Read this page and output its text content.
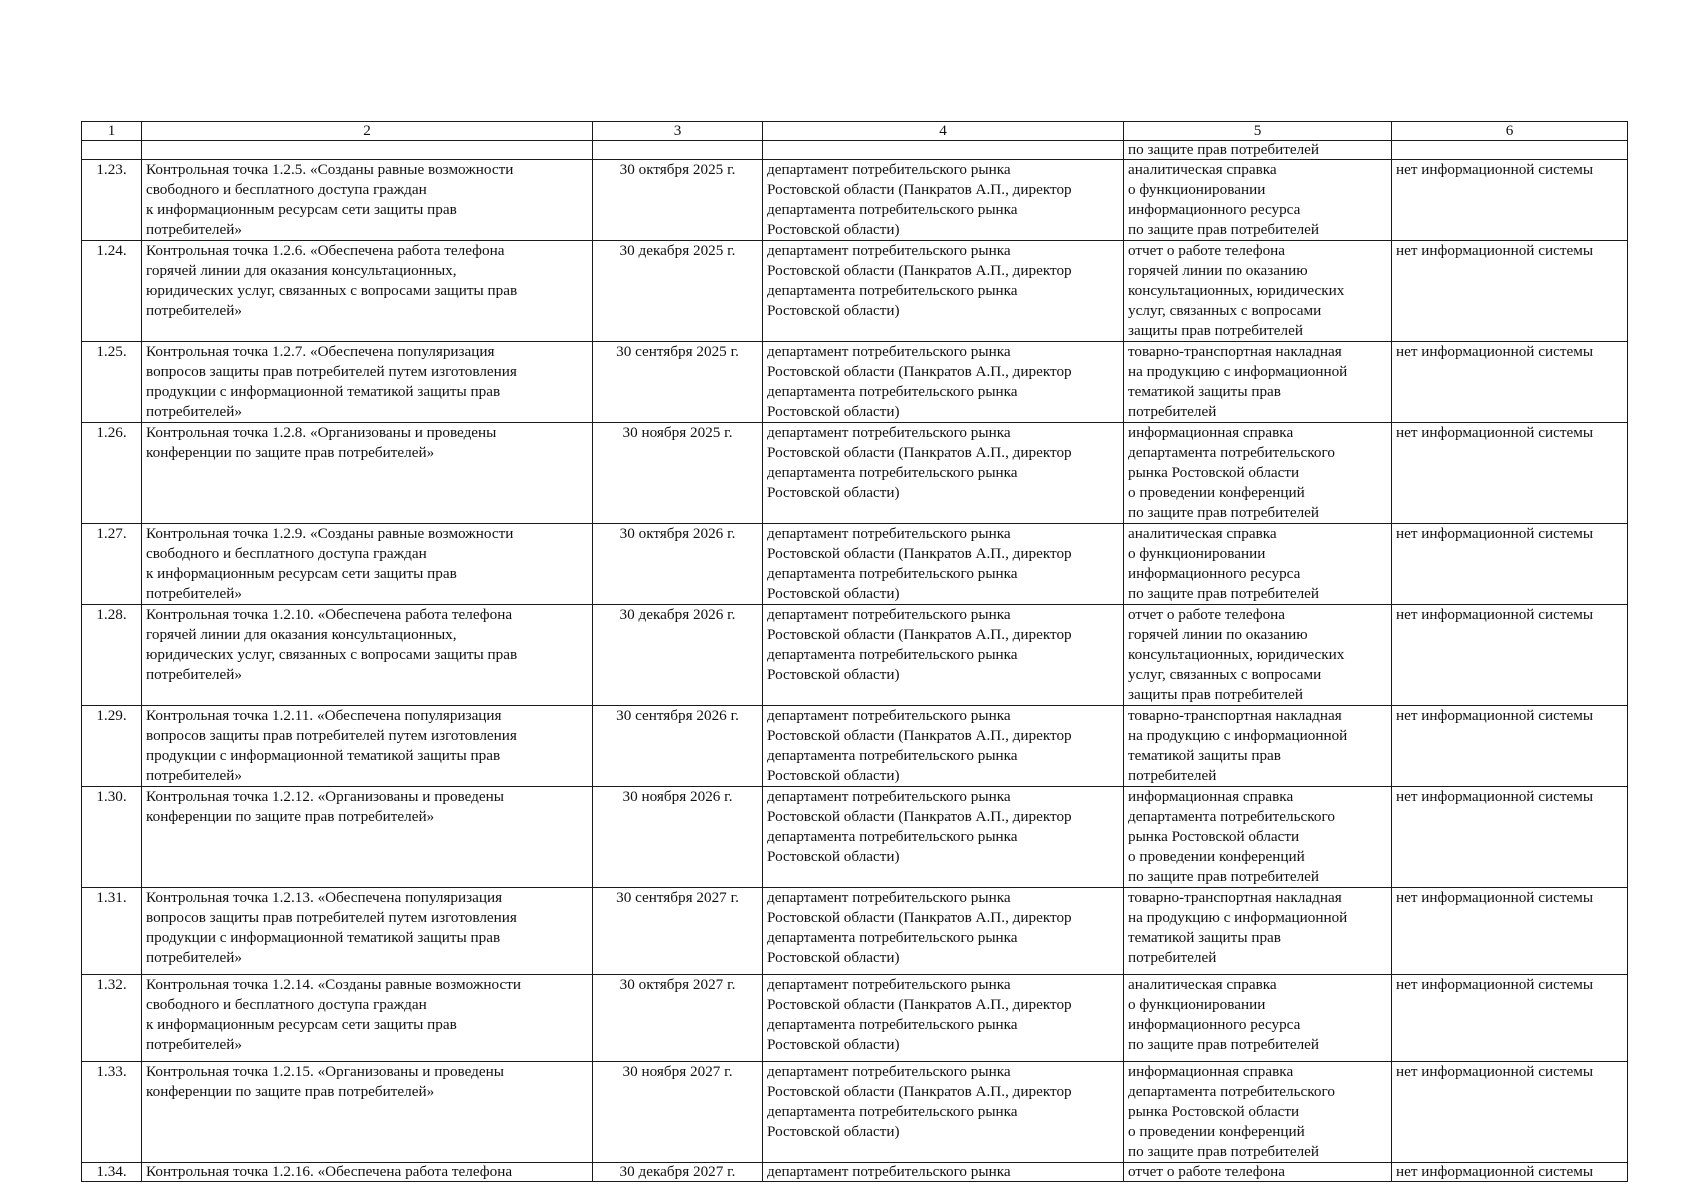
1	2	3	4	5	6
				по защите прав потребителей	
1.23.	Контрольная точка 1.2.5. «Созданы равные возможности
свободного и бесплатного доступа граждан
к информационным ресурсам сети защиты прав
потребителей»	30 октября 2025 г.	департамент потребительского рынка
Ростовской области (Панкратов А.П., директор
департамента потребительского рынка
Ростовской области)	аналитическая справка
о функционировании
информационного ресурса
по защите прав потребителей	нет информационной системы
1.24.	Контрольная точка 1.2.6. «Обеспечена работа телефона
горячей линии для оказания консультационных,
юридических услуг, связанных с вопросами защиты прав
потребителей»	30 декабря 2025 г.	департамент потребительского рынка
Ростовской области (Панкратов А.П., директор
департамента потребительского рынка
Ростовской области)	отчет о работе телефона
горячей линии по оказанию
консультационных, юридических
услуг, связанных с вопросами
защиты прав потребителей	нет информационной системы
1.25.	Контрольная точка 1.2.7. «Обеспечена популяризация
вопросов защиты прав потребителей путем изготовления
продукции с информационной тематикой защиты прав
потребителей»	30 сентября 2025 г.	департамент потребительского рынка
Ростовской области (Панкратов А.П., директор
департамента потребительского рынка
Ростовской области)	товарно-транспортная накладная
на продукцию с информационной
тематикой защиты прав
потребителей	нет информационной системы
1.26.	Контрольная точка 1.2.8. «Организованы и проведены
конференции по защите прав потребителей»	30 ноября 2025 г.	департамент потребительского рынка
Ростовской области (Панкратов А.П., директор
департамента потребительского рынка
Ростовской области)	информационная справка
департамента потребительского
рынка Ростовской области
о проведении конференций
по защите прав потребителей	нет информационной системы
1.27.	Контрольная точка 1.2.9. «Созданы равные возможности
свободного и бесплатного доступа граждан
к информационным ресурсам сети защиты прав
потребителей»	30 октября 2026 г.	департамент потребительского рынка
Ростовской области (Панкратов А.П., директор
департамента потребительского рынка
Ростовской области)	аналитическая справка
о функционировании
информационного ресурса
по защите прав потребителей	нет информационной системы
1.28.	Контрольная точка 1.2.10. «Обеспечена работа телефона
горячей линии для оказания консультационных,
юридических услуг, связанных с вопросами защиты прав
потребителей»	30 декабря 2026 г.	департамент потребительского рынка
Ростовской области (Панкратов А.П., директор
департамента потребительского рынка
Ростовской области)	отчет о работе телефона
горячей линии по оказанию
консультационных, юридических
услуг, связанных с вопросами
защиты прав потребителей	нет информационной системы
1.29.	Контрольная точка 1.2.11. «Обеспечена популяризация
вопросов защиты прав потребителей путем изготовления
продукции с информационной тематикой защиты прав
потребителей»	30 сентября 2026 г.	департамент потребительского рынка
Ростовской области (Панкратов А.П., директор
департамента потребительского рынка
Ростовской области)	товарно-транспортная накладная
на продукцию с информационной
тематикой защиты прав
потребителей	нет информационной системы
1.30.	Контрольная точка 1.2.12. «Организованы и проведены
конференции по защите прав потребителей»	30 ноября 2026 г.	департамент потребительского рынка
Ростовской области (Панкратов А.П., директор
департамента потребительского рынка
Ростовской области)	информационная справка
департамента потребительского
рынка Ростовской области
о проведении конференций
по защите прав потребителей	нет информационной системы
1.31.	Контрольная точка 1.2.13. «Обеспечена популяризация
вопросов защиты прав потребителей путем изготовления
продукции с информационной тематикой защиты прав
потребителей»	30 сентября 2027 г.	департамент потребительского рынка
Ростовской области (Панкратов А.П., директор
департамента потребительского рынка
Ростовской области)	товарно-транспортная накладная
на продукцию с информационной
тематикой защиты прав
потребителей	нет информационной системы
1.32.	Контрольная точка 1.2.14. «Созданы равные возможности
свободного и бесплатного доступа граждан
к информационным ресурсам сети защиты прав
потребителей»	30 октября 2027 г.	департамент потребительского рынка
Ростовской области (Панкратов А.П., директор
департамента потребительского рынка
Ростовской области)	аналитическая справка
о функционировании
информационного ресурса
по защите прав потребителей	нет информационной системы
1.33.	Контрольная точка 1.2.15. «Организованы и проведены
конференции по защите прав потребителей»	30 ноября 2027 г.	департамент потребительского рынка
Ростовской области (Панкратов А.П., директор
департамента потребительского рынка
Ростовской области)	информационная справка
департамента потребительского
рынка Ростовской области
о проведении конференций
по защите прав потребителей	нет информационной системы
1.34.	Контрольная точка 1.2.16. «Обеспечена работа телефона	30 декабря 2027 г.	департамент потребительского рынка	отчет о работе телефона	нет информационной системы
